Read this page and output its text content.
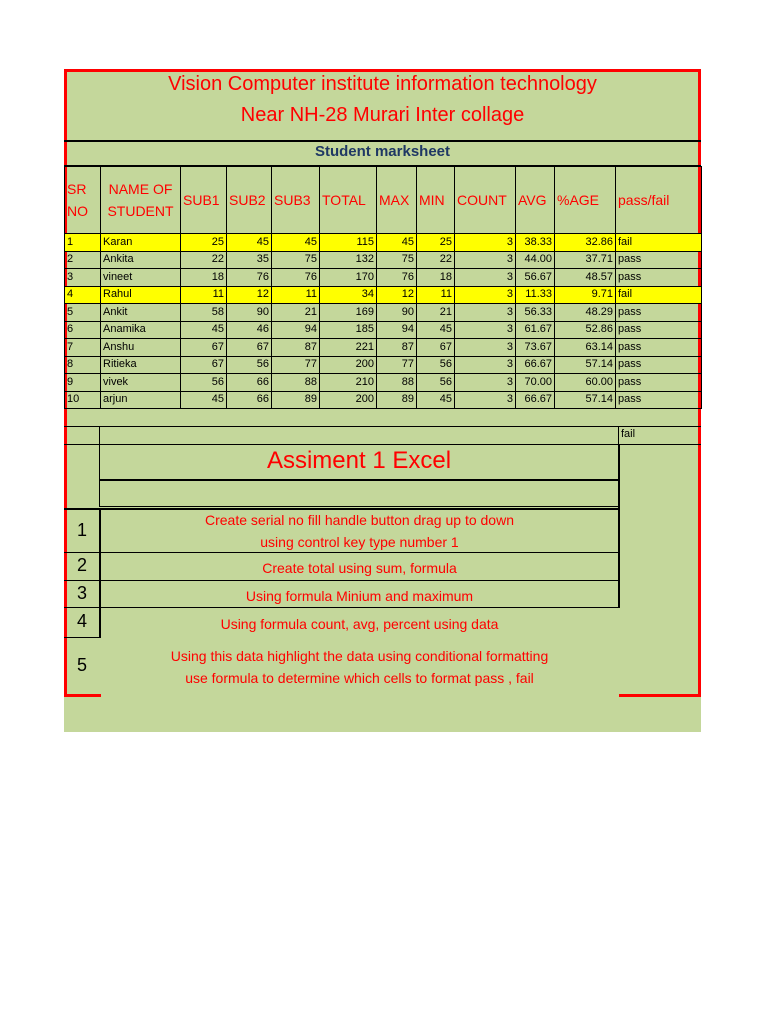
Vision Computer institute information technology
Near NH-28 Murari Inter collage
Student marksheet
SR NO	NAME OF STUDENT	SUB1	SUB2	SUB3	TOTAL	MAX	MIN	COUNT	AVG	%AGE	pass/fail
1	Karan	25	45	45	115	45	25	3	38.33	32.86	fail
2	Ankita	22	35	75	132	75	22	3	44.00	37.71	pass
3	vineet	18	76	76	170	76	18	3	56.67	48.57	pass
4	Rahul	11	12	11	34	12	11	3	11.33	9.71	fail
5	Ankit	58	90	21	169	90	21	3	56.33	48.29	pass
6	Anamika	45	46	94	185	94	45	3	61.67	52.86	pass
7	Anshu	67	67	87	221	87	67	3	73.67	63.14	pass
8	Ritieka	67	56	77	200	77	56	3	66.67	57.14	pass
9	vivek	56	66	88	210	88	56	3	70.00	60.00	pass
10	arjun	45	66	89	200	89	45	3	66.67	57.14	pass
fail
Assiment 1 Excel
1	Create serial no fill handle button drag up to down
using control key type number 1
2	Create total using sum, formula
3	Using formula Minium and maximum
4	Using formula count, avg, percent using data
5	Using this data highlight the data using conditional formatting
use formula to determine which cells to format pass , fail
